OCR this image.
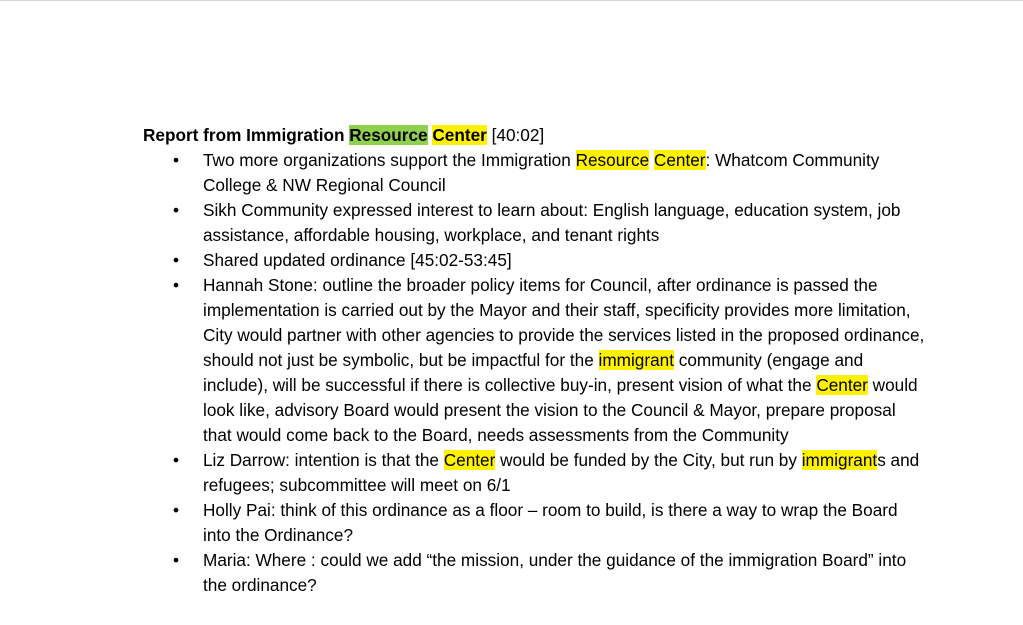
Report from Immigration Resource Center [40:02]

• Two more organizations support the Immigration Resource Center: Whatcom Community College & NW Regional Council
• Sikh Community expressed interest to learn about: English language, education system, job assistance, affordable housing, workplace, and tenant rights
• Shared updated ordinance [45:02-53:45]
• Hannah Stone: outline the broader policy items for Council, after ordinance is passed the implementation is carried out by the Mayor and their staff, specificity provides more limitation, City would partner with other agencies to provide the services listed in the proposed ordinance, should not just be symbolic, but be impactful for the immigrant community (engage and include), will be successful if there is collective buy-in, present vision of what the Center would look like, advisory Board would present the vision to the Council & Mayor, prepare proposal that would come back to the Board, needs assessments from the Community
• Liz Darrow: intention is that the Center would be funded by the City, but run by immigrants and refugees; subcommittee will meet on 6/1
• Holly Pai: think of this ordinance as a floor – room to build, is there a way to wrap the Board into the Ordinance?
• Maria: Where : could we add “the mission, under the guidance of the immigration Board” into the ordinance?
